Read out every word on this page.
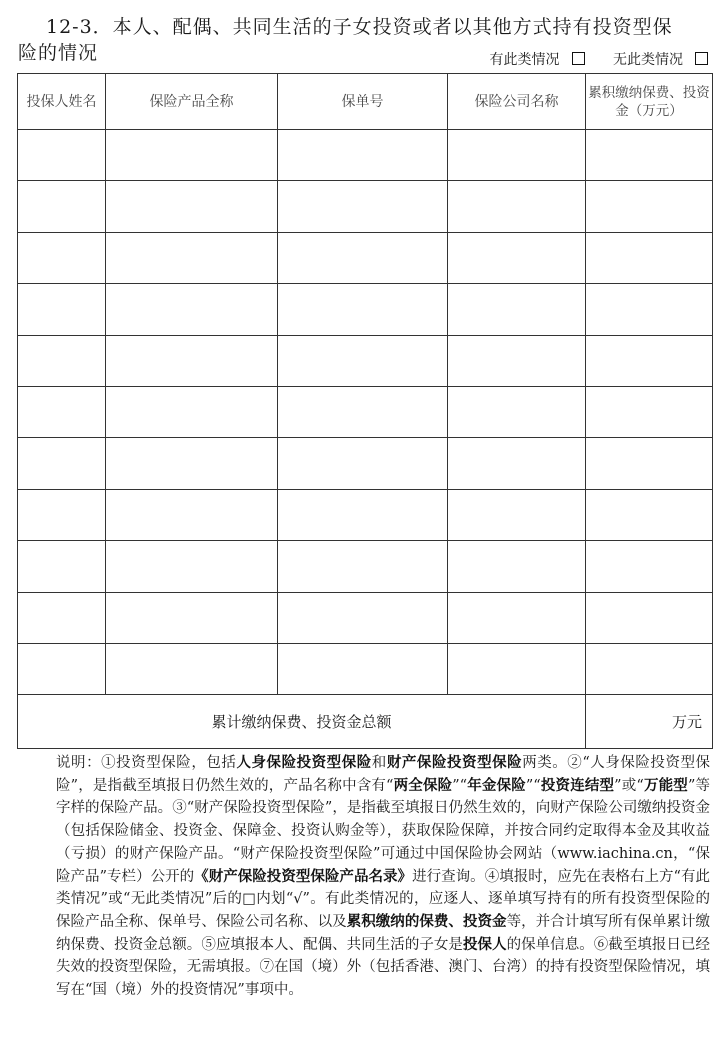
12-3．本人、配偶、共同生活的子女投资或者以其他方式持有投资型保
险的情况	有此类情况	无此类情况
投保人姓名	保险产品全称	保单号	保险公司名称	累积缴纳保费、投资金（万元）

累计缴纳保费、投资金总额				万元
说明：①投资型保险，包括人身保险投资型保险和财产保险投资型保险两类。②“人身保险投资型保险”，是指截至填报日仍然生效的，产品名称中含有“两全保险”“年金保险”“投资连结型”或“万能型”等字样的保险产品。③“财产保险投资型保险”，是指截至填报日仍然生效的，向财产保险公司缴纳投资金（包括保险储金、投资金、保障金、投资认购金等），获取保险保障，并按合同约定取得本金及其收益（亏损）的财产保险产品。“财产保险投资型保险”可通过中国保险协会网站（www.iachina.cn，“保险产品”专栏）公开的《财产保险投资型保险产品名录》进行查询。④填报时，应先在表格右上方“有此类情况”或“无此类情况”后的□内划“√”。有此类情况的，应逐人、逐单填写持有的所有投资型保险的保险产品全称、保单号、保险公司名称、以及累积缴纳的保费、投资金等，并合计填写所有保单累计缴纳保费、投资金总额。⑤应填报本人、配偶、共同生活的子女是投保人的保单信息。⑥截至填报日已经失效的投资型保险，无需填报。⑦在国（境）外（包括香港、澳门、台湾）的持有投资型保险情况，填写在“国（境）外的投资情况”事项中。
